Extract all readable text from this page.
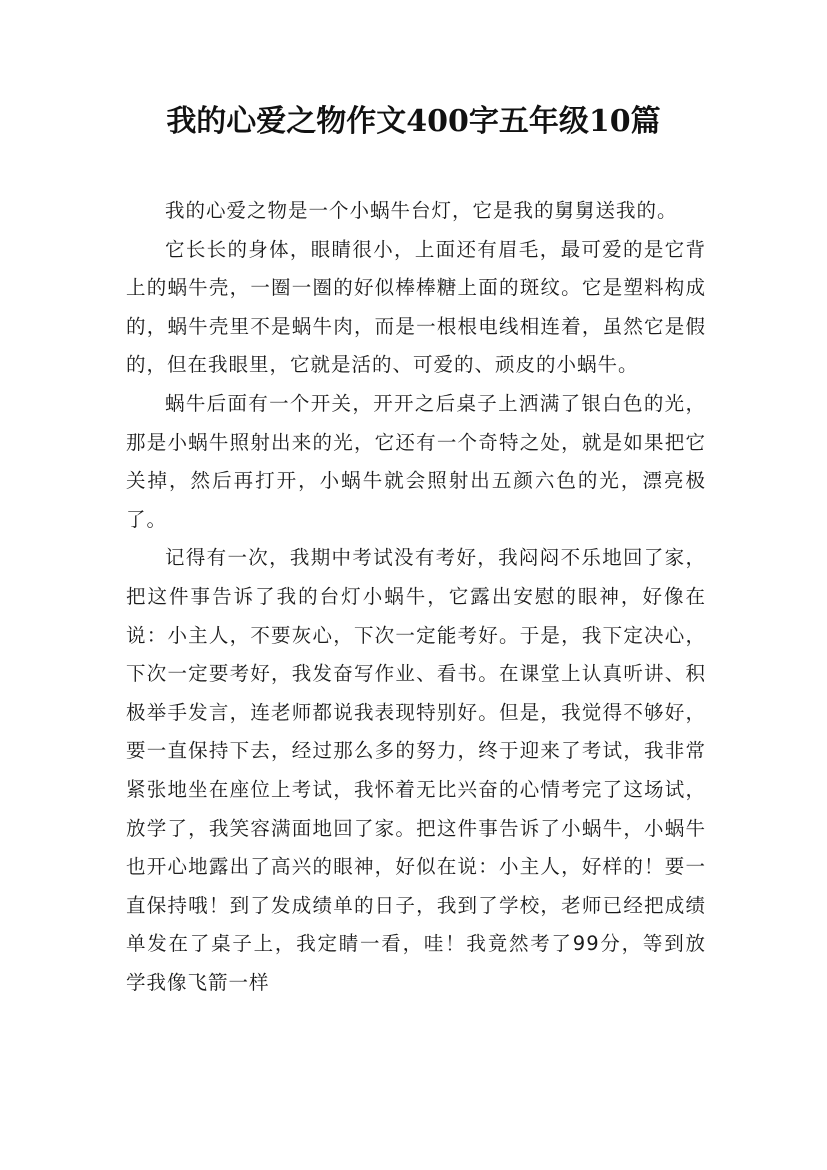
我的心爱之物作文400字五年级10篇

我的心爱之物是一个小蜗牛台灯，它是我的舅舅送我的。

它长长的身体，眼睛很小，上面还有眉毛，最可爱的是它背上的蜗牛壳，一圈一圈的好似棒棒糖上面的斑纹。它是塑料构成的，蜗牛壳里不是蜗牛肉，而是一根根电线相连着，虽然它是假的，但在我眼里，它就是活的、可爱的、顽皮的小蜗牛。

蜗牛后面有一个开关，开开之后桌子上洒满了银白色的光，那是小蜗牛照射出来的光，它还有一个奇特之处，就是如果把它关掉，然后再打开，小蜗牛就会照射出五颜六色的光，漂亮极了。

记得有一次，我期中考试没有考好，我闷闷不乐地回了家，把这件事告诉了我的台灯小蜗牛，它露出安慰的眼神，好像在说：小主人，不要灰心，下次一定能考好。于是，我下定决心，下次一定要考好，我发奋写作业、看书。在课堂上认真听讲、积极举手发言，连老师都说我表现特别好。但是，我觉得不够好，要一直保持下去，经过那么多的努力，终于迎来了考试，我非常紧张地坐在座位上考试，我怀着无比兴奋的心情考完了这场试，放学了，我笑容满面地回了家。把这件事告诉了小蜗牛，小蜗牛也开心地露出了高兴的眼神，好似在说：小主人，好样的！要一直保持哦！到了发成绩单的日子，我到了学校，老师已经把成绩单发在了桌子上，我定睛一看，哇！我竟然考了99分，等到放学我像飞箭一样
